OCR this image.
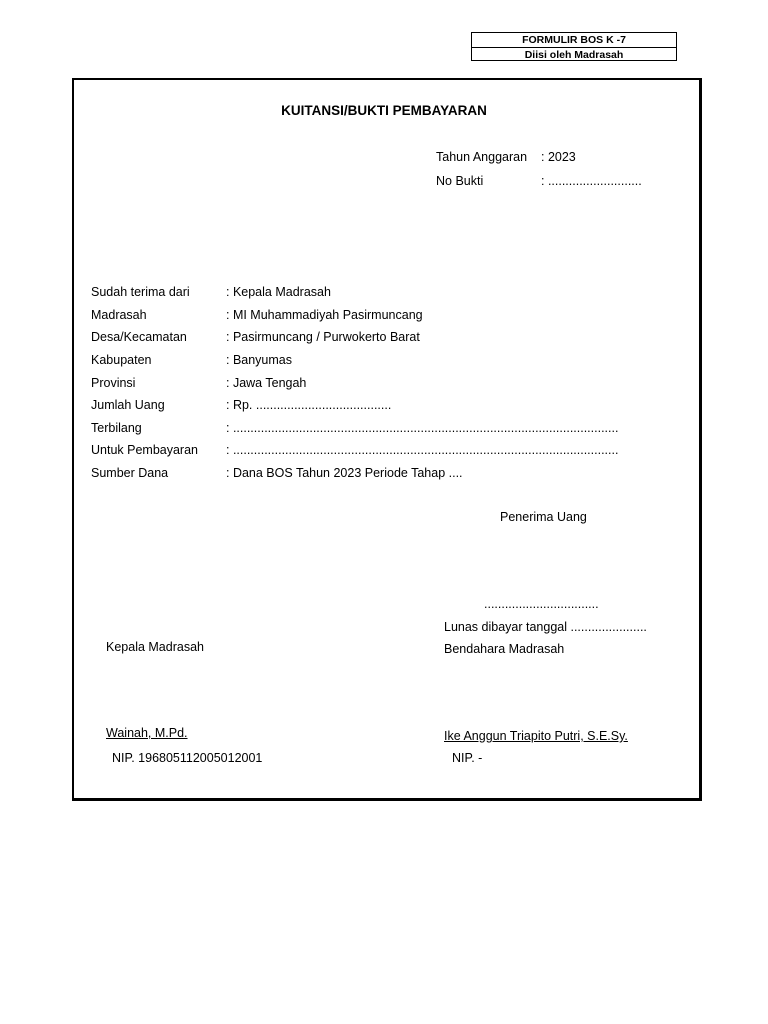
FORMULIR BOS K -7
Diisi oleh Madrasah
KUITANSI/BUKTI PEMBAYARAN
Tahun Anggaran : 2023
No Bukti	: ...........................
Sudah terima dari	: Kepala Madrasah
Madrasah	: MI Muhammadiyah Pasirmuncang
Desa/Kecamatan	: Pasirmuncang / Purwokerto Barat
Kabupaten	: Banyumas
Provinsi	: Jawa Tengah
Jumlah Uang	: Rp. .......................................
Terbilang	: ...............................................................................................................
Untuk Pembayaran : ...............................................................................................................
Sumber Dana	: Dana BOS Tahun 2023 Periode Tahap ....
Penerima Uang
.................................
Lunas dibayar tanggal ......................
Kepala Madrasah	Bendahara Madrasah
Wainah, M.Pd.	Ike Anggun Triapito Putri, S.E.Sy.
NIP. 196805112005012001	NIP. -
